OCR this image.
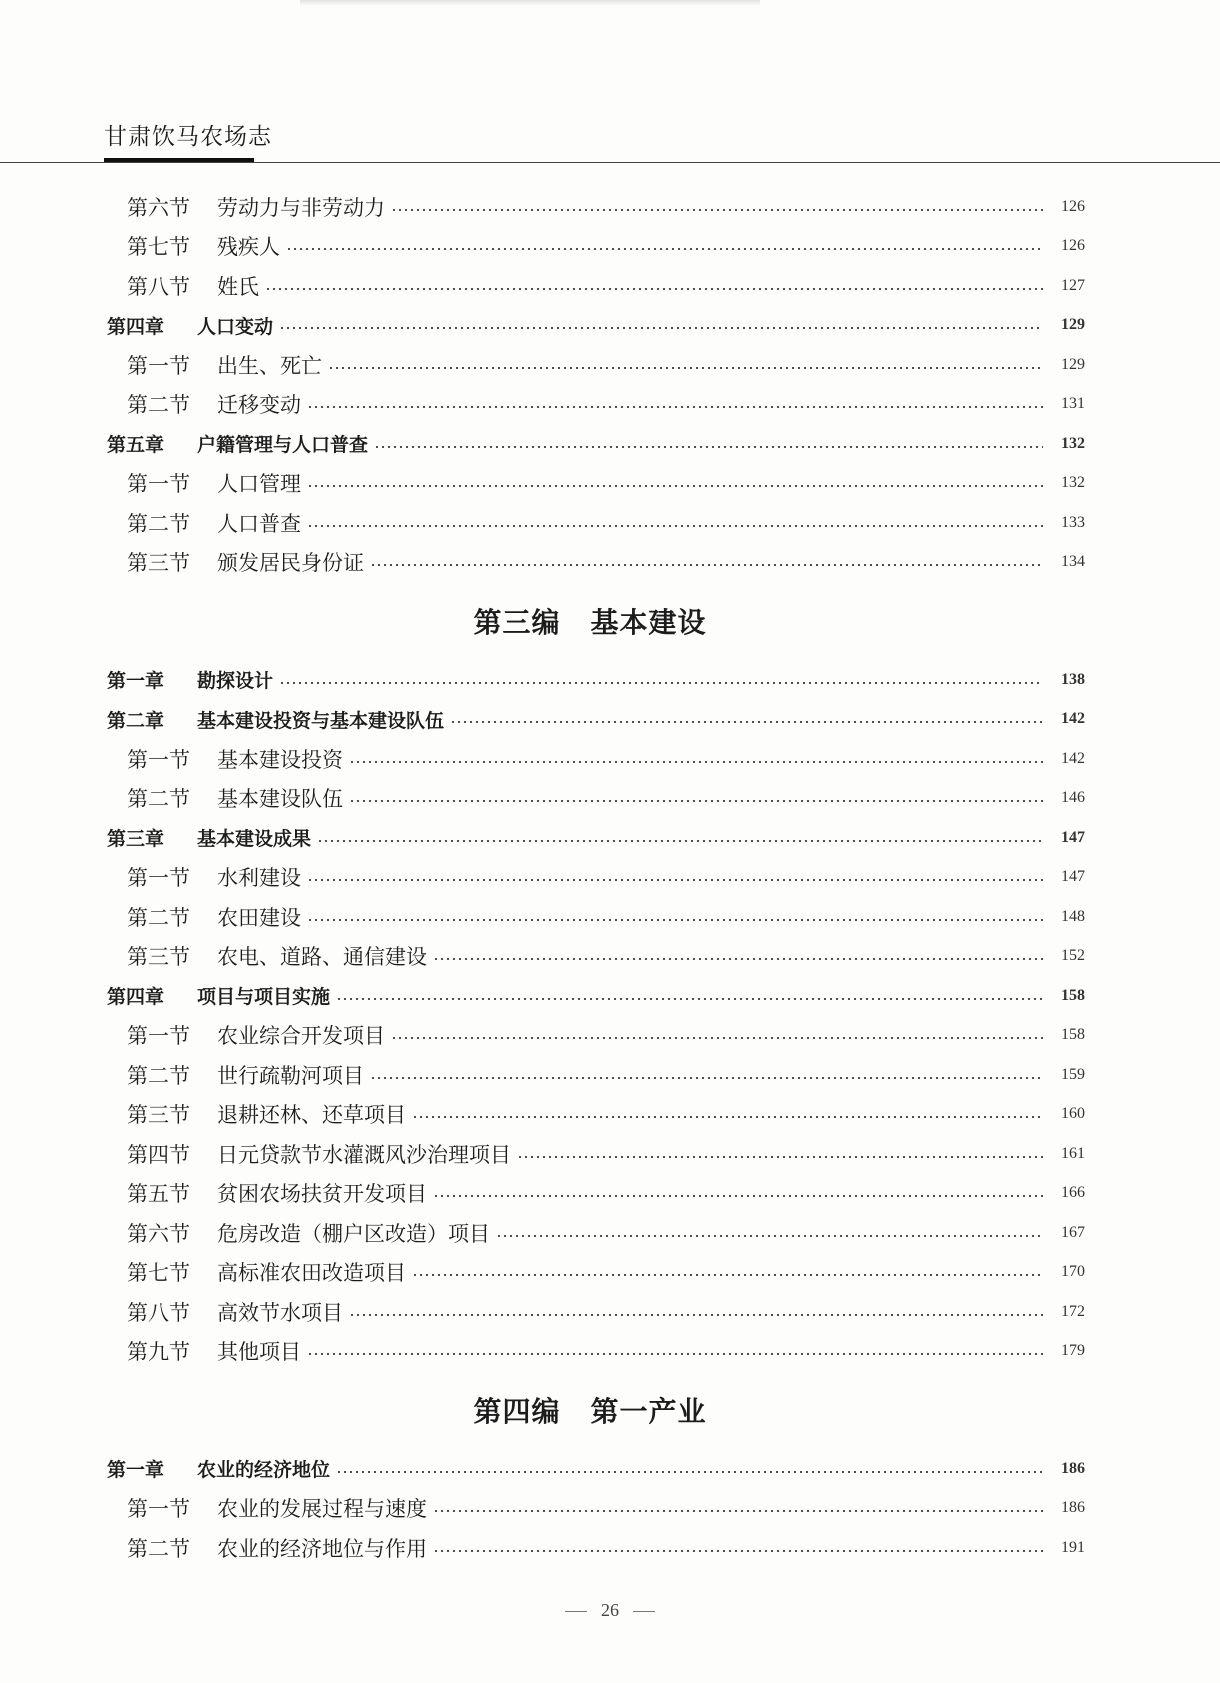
甘肃饮马农场志
第六节	劳动力与非劳动力	126
第七节	残疾人	126
第八节	姓氏	127
第四章	人口变动	129
第一节	出生、死亡	129
第二节	迁移变动	131
第五章	户籍管理与人口普查	132
第一节	人口管理	132
第二节	人口普查	133
第三节	颁发居民身份证	134
第三编 基本建设
第一章	勘探设计	138
第二章	基本建设投资与基本建设队伍	142
第一节	基本建设投资	142
第二节	基本建设队伍	146
第三章	基本建设成果	147
第一节	水利建设	147
第二节	农田建设	148
第三节	农电、道路、通信建设	152
第四章	项目与项目实施	158
第一节	农业综合开发项目	158
第二节	世行疏勒河项目	159
第三节	退耕还林、还草项目	160
第四节	日元贷款节水灌溉风沙治理项目	161
第五节	贫困农场扶贫开发项目	166
第六节	危房改造（棚户区改造）项目	167
第七节	高标准农田改造项目	170
第八节	高效节水项目	172
第九节	其他项目	179
第四编 第一产业
第一章	农业的经济地位	186
第一节	农业的发展过程与速度	186
第二节	农业的经济地位与作用	191
26
